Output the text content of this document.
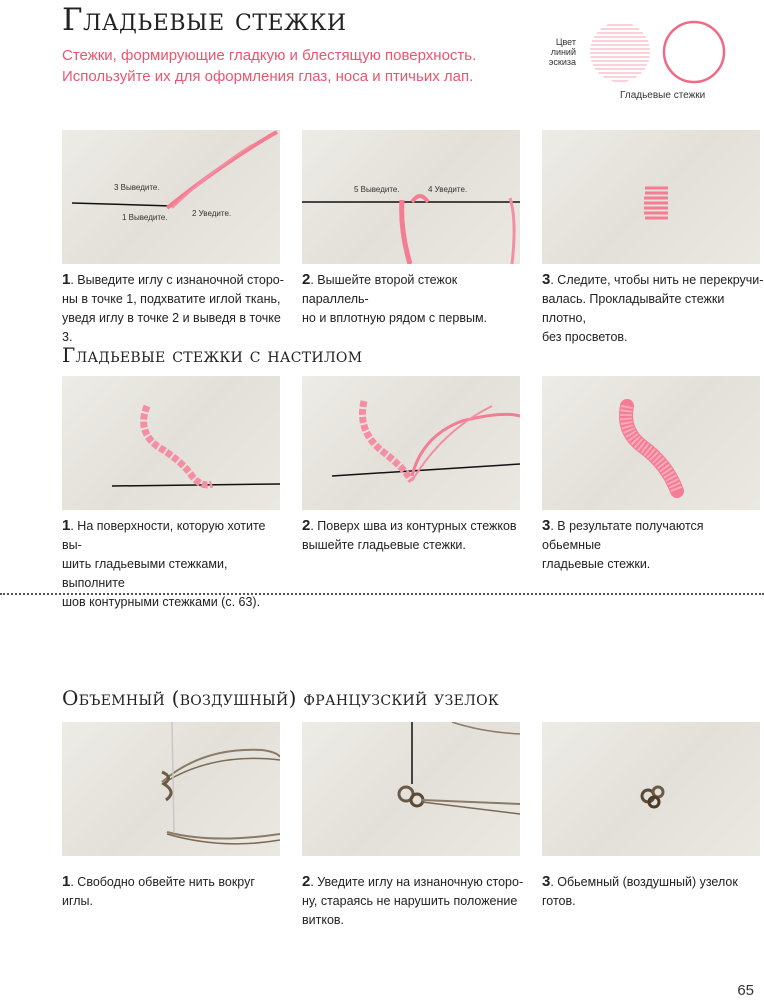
Гладьевые стежки
Стежки, формирующие гладкую и блестящую поверхность.
Используйте их для оформления глаз, носа и птичьих лап.
Цвет
линий
эскиза
Гладьевые стежки
3 Выведите.
1 Выведите.	2 Уведите.
5 Выведите.	4 Уведите.
1. Выведите иглу с изнаночной сторо-
ны в точке 1, подхватите иглой ткань,
уведя иглу в точке 2 и выведя в точке 3.
2. Вышейте второй стежок параллель-
но и вплотную рядом с первым.
3. Следите, чтобы нить не перекручи-
валась. Прокладывайте стежки плотно,
без просветов.
Гладьевые стежки с настилом
1. На поверхности, которую хотите вы-
шить гладьевыми стежками, выполните
шов контурными стежками (с. 63).
2. Поверх шва из контурных стежков
вышейте гладьевые стежки.
3. В результате получаются обьемные
гладьевые стежки.
Объемный (воздушный) французский узелок
1. Свободно обвейте нить вокруг иглы.
2. Уведите иглу на изнаночную сторо-
ну, стараясь не нарушить положение
витков.
3. Обьемный (воздушный) узелок
готов.
65
